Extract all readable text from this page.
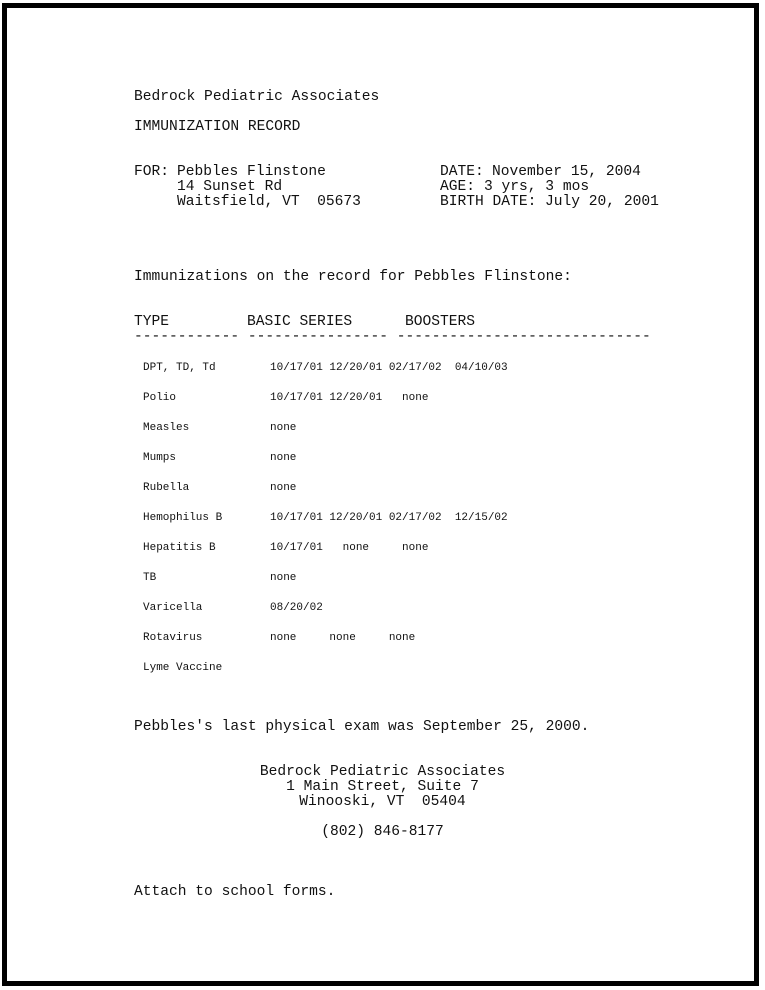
Bedrock Pediatric Associates
IMMUNIZATION RECORD
FOR: Pebbles Flinstone
14 Sunset Rd
Waitsfield, VT  05673
DATE: November 15, 2004
AGE: 3 yrs, 3 mos
BIRTH DATE: July 20, 2001
Immunizations on the record for Pebbles Flinstone:
TYPE	BASIC SERIES	BOOSTERS
------------ ---------------- -----------------------------
DPT, TD, Td	10/17/01 12/20/01 02/17/02  04/10/03
Polio	10/17/01 12/20/01   none
Measles	none
Mumps	none
Rubella	none
Hemophilus B	10/17/01 12/20/01 02/17/02  12/15/02
Hepatitis B	10/17/01   none     none
TB	none
Varicella	08/20/02
Rotavirus	none     none     none
Lyme Vaccine
Pebbles's last physical exam was September 25, 2000.
Bedrock Pediatric Associates
1 Main Street, Suite 7
Winooski, VT  05404
(802) 846-8177
Attach to school forms.
